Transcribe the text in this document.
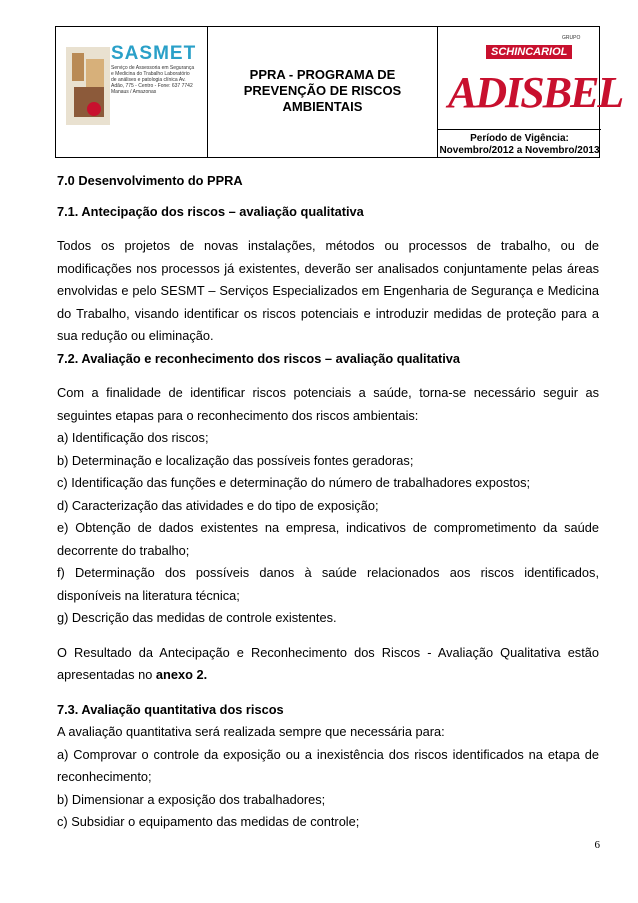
SASMET
Serviço de Assessoria em Segurança e Medicina do Trabalho Laboratório de análises e patologia clínica Av. Adão, 775 - Centro - Fone: 637 7742 Manaus / Amazonas
PPRA - PROGRAMA DE
PREVENÇÃO DE RISCOS
AMBIENTAIS
GRUPO
SCHINCARIOL
ADISBEL
Período de Vigência:
Novembro/2012 a Novembro/2013

7.0 Desenvolvimento do PPRA

7.1. Antecipação dos riscos – avaliação qualitativa

Todos os projetos de novas instalações, métodos ou processos de trabalho, ou de modificações nos processos já existentes, deverão ser analisados conjuntamente pelas áreas envolvidas e pelo SESMT – Serviços Especializados em Engenharia de Segurança e Medicina do Trabalho, visando identificar os riscos potenciais e introduzir medidas de proteção para a sua redução ou eliminação.

7.2. Avaliação e reconhecimento dos riscos – avaliação qualitativa

Com a finalidade de identificar riscos potenciais a saúde, torna-se necessário seguir as seguintes etapas para o reconhecimento dos riscos ambientais:

a) Identificação dos riscos;

b) Determinação e localização das possíveis fontes geradoras;

c) Identificação das funções e determinação do número de trabalhadores expostos;

d) Caracterização das atividades e do tipo de exposição;

e) Obtenção de dados existentes na empresa, indicativos de comprometimento da saúde decorrente do trabalho;

f) Determinação dos possíveis danos à saúde relacionados aos riscos identificados, disponíveis na literatura técnica;

g) Descrição das medidas de controle existentes.

O Resultado da Antecipação e Reconhecimento dos Riscos - Avaliação Qualitativa estão apresentadas no anexo 2.

7.3. Avaliação quantitativa dos riscos

A avaliação quantitativa será realizada sempre que necessária para:

a) Comprovar o controle da exposição ou a inexistência dos riscos identificados na etapa de reconhecimento;

b) Dimensionar a exposição dos trabalhadores;

c) Subsidiar o equipamento das medidas de controle;

6
